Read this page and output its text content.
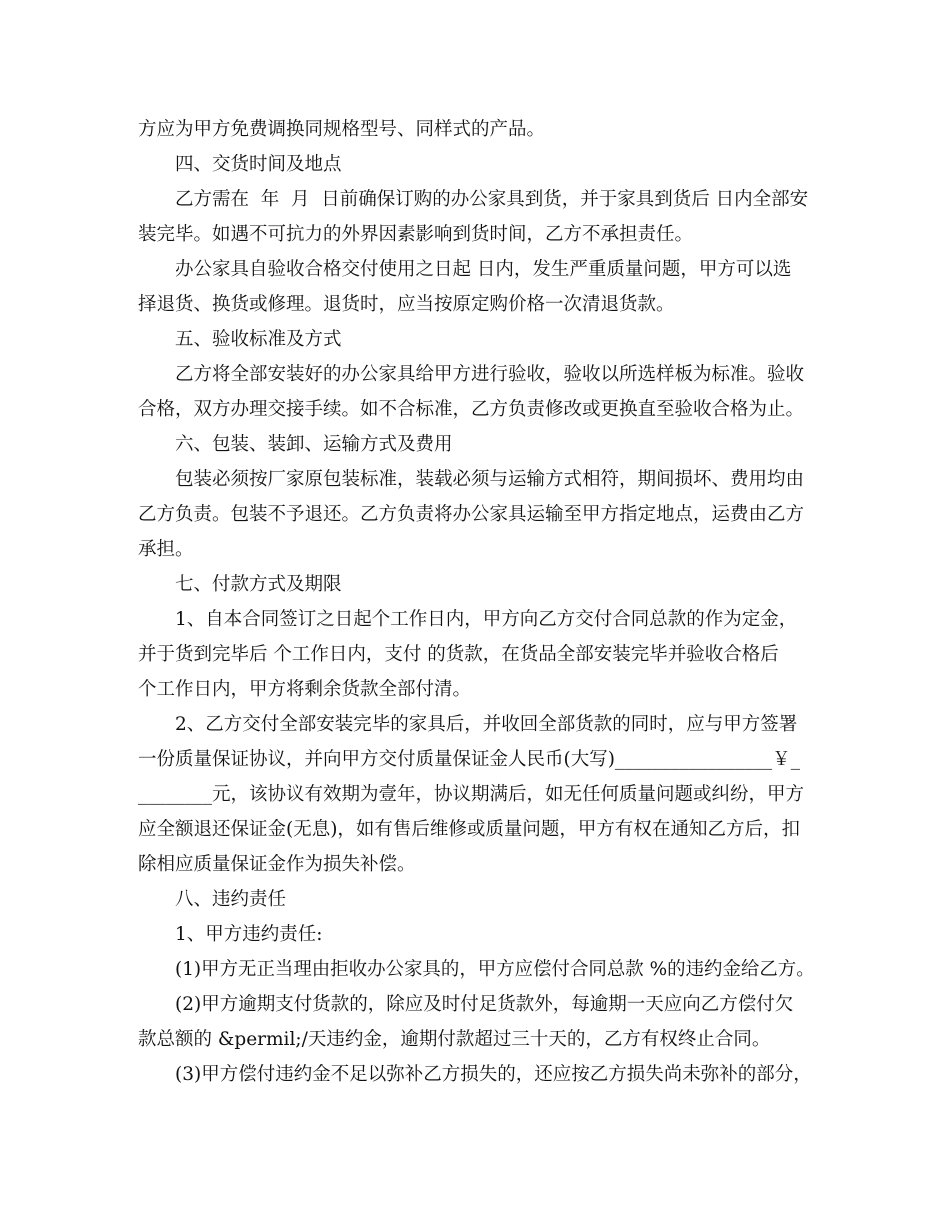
方应为甲方免费调换同规格型号、同样式的产品。

四、交货时间及地点

乙方需在  年  月  日前确保订购的办公家具到货，并于家具到货后 日内全部安

装完毕。如遇不可抗力的外界因素影响到货时间，乙方不承担责任。

办公家具自验收合格交付使用之日起 日内，发生严重质量问题，甲方可以选

择退货、换货或修理。退货时，应当按原定购价格一次清退货款。

五、验收标准及方式

乙方将全部安装好的办公家具给甲方进行验收，验收以所选样板为标准。验收

合格，双方办理交接手续。如不合标准，乙方负责修改或更换直至验收合格为止。

六、包装、装卸、运输方式及费用

包装必须按厂家原包装标准，装载必须与运输方式相符，期间损坏、费用均由

乙方负责。包装不予退还。乙方负责将办公家具运输至甲方指定地点，运费由乙方

承担。

七、付款方式及期限

1、自本合同签订之日起个工作日内，甲方向乙方交付合同总款的作为定金，

并于货到完毕后 个工作日内，支付 的货款，在货品全部安装完毕并验收合格后

个工作日内，甲方将剩余货款全部付清。

2、乙方交付全部安装完毕的家具后，并收回全部货款的同时，应与甲方签署

一份质量保证协议，并向甲方交付质量保证金人民币(大写)_________________￥_

________元，该协议有效期为壹年，协议期满后，如无任何质量问题或纠纷，甲方

应全额退还保证金(无息)，如有售后维修或质量问题，甲方有权在通知乙方后，扣

除相应质量保证金作为损失补偿。

八、违约责任

1、甲方违约责任:

(1)甲方无正当理由拒收办公家具的，甲方应偿付合同总款 %的违约金给乙方。

(2)甲方逾期支付货款的，除应及时付足货款外，每逾期一天应向乙方偿付欠

款总额的 &permil;/天违约金，逾期付款超过三十天的，乙方有权终止合同。

(3)甲方偿付违约金不足以弥补乙方损失的，还应按乙方损失尚未弥补的部分，
